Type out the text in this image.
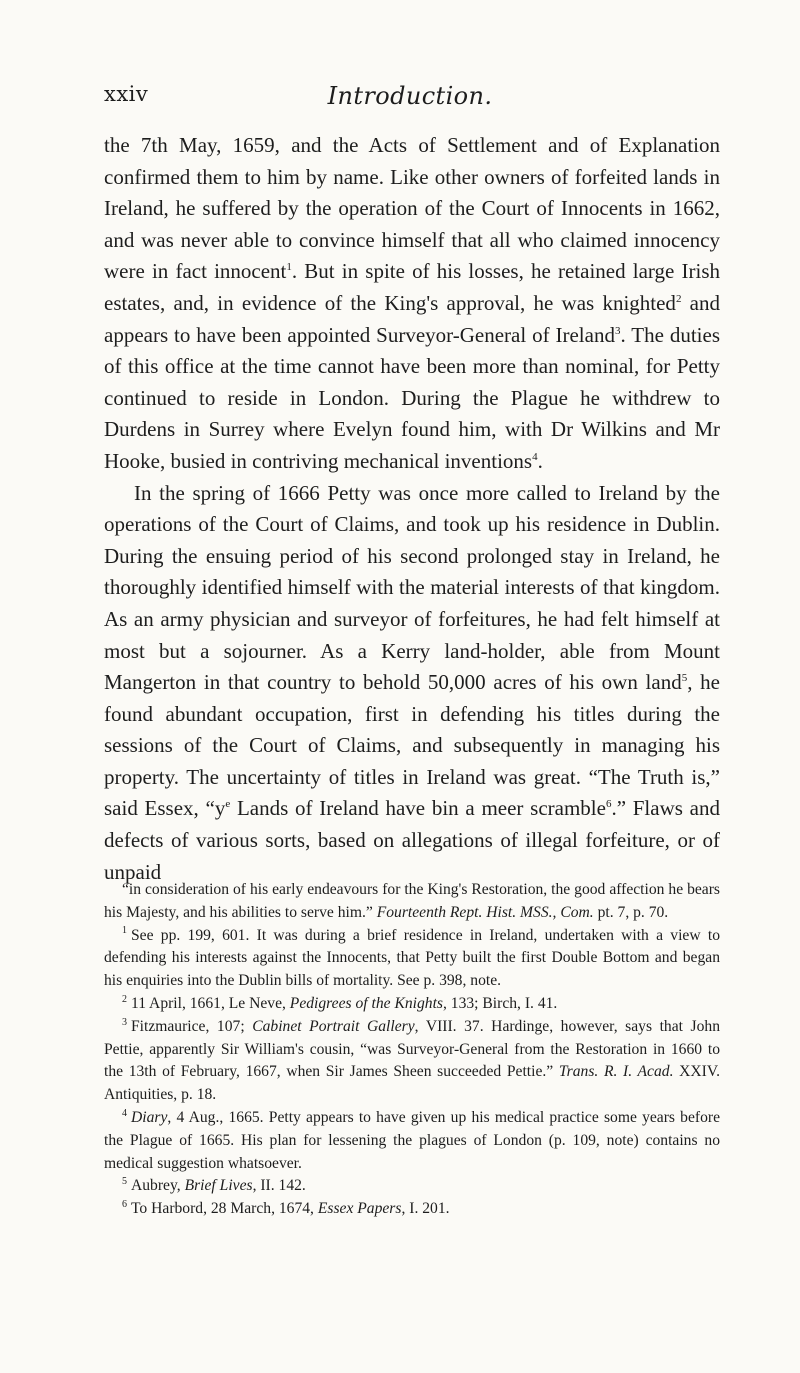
xxiv	Introduction.

the 7th May, 1659, and the Acts of Settlement and of Explanation confirmed them to him by name. Like other owners of forfeited lands in Ireland, he suffered by the operation of the Court of Innocents in 1662, and was never able to convince himself that all who claimed innocency were in fact innocent$^1$. But in spite of his losses, he retained large Irish estates, and, in evidence of the King's approval, he was knighted$^2$ and appears to have been appointed Surveyor-General of Ireland$^3$. The duties of this office at the time cannot have been more than nominal, for Petty continued to reside in London. During the Plague he withdrew to Durdens in Surrey where Evelyn found him, with Dr Wilkins and Mr Hooke, busied in contriving mechanical inventions$^4$.

In the spring of 1666 Petty was once more called to Ireland by the operations of the Court of Claims, and took up his residence in Dublin. During the ensuing period of his second prolonged stay in Ireland, he thoroughly identified himself with the material interests of that kingdom. As an army physician and surveyor of forfeitures, he had felt himself at most but a sojourner. As a Kerry land-holder, able from Mount Mangerton in that country to behold 50,000 acres of his own land$^5$, he found abundant occupation, first in defending his titles during the sessions of the Court of Claims, and subsequently in managing his property. The uncertainty of titles in Ireland was great. “The Truth is,” said Essex, “$y^e$ Lands of Ireland have bin a meer scramble$^6$.” Flaws and defects of various sorts, based on allegations of illegal forfeiture, or of unpaid

“in consideration of his early endeavours for the King's Restoration, the good affection he bears his Majesty, and his abilities to serve him.” Fourteenth Rept. Hist. MSS., Com. pt. 7, p. 70.

$^1$ See pp. 199, 601. It was during a brief residence in Ireland, undertaken with a view to defending his interests against the Innocents, that Petty built the first Double Bottom and began his enquiries into the Dublin bills of mortality. See p. 398, note.

$^2$ 11 April, 1661, Le Neve, Pedigrees of the Knights, 133; Birch, I. 41.

$^3$ Fitzmaurice, 107; Cabinet Portrait Gallery, VIII. 37. Hardinge, however, says that John Pettie, apparently Sir William's cousin, “was Surveyor-General from the Restoration in 1660 to the 13th of February, 1667, when Sir James Sheen succeeded Pettie.” Trans. R. I. Acad. XXIV. Antiquities, p. 18.

$^4$ Diary, 4 Aug., 1665. Petty appears to have given up his medical practice some years before the Plague of 1665. His plan for lessening the plagues of London (p. 109, note) contains no medical suggestion whatsoever.

$^5$ Aubrey, Brief Lives, II. 142.

$^6$ To Harbord, 28 March, 1674, Essex Papers, I. 201.
